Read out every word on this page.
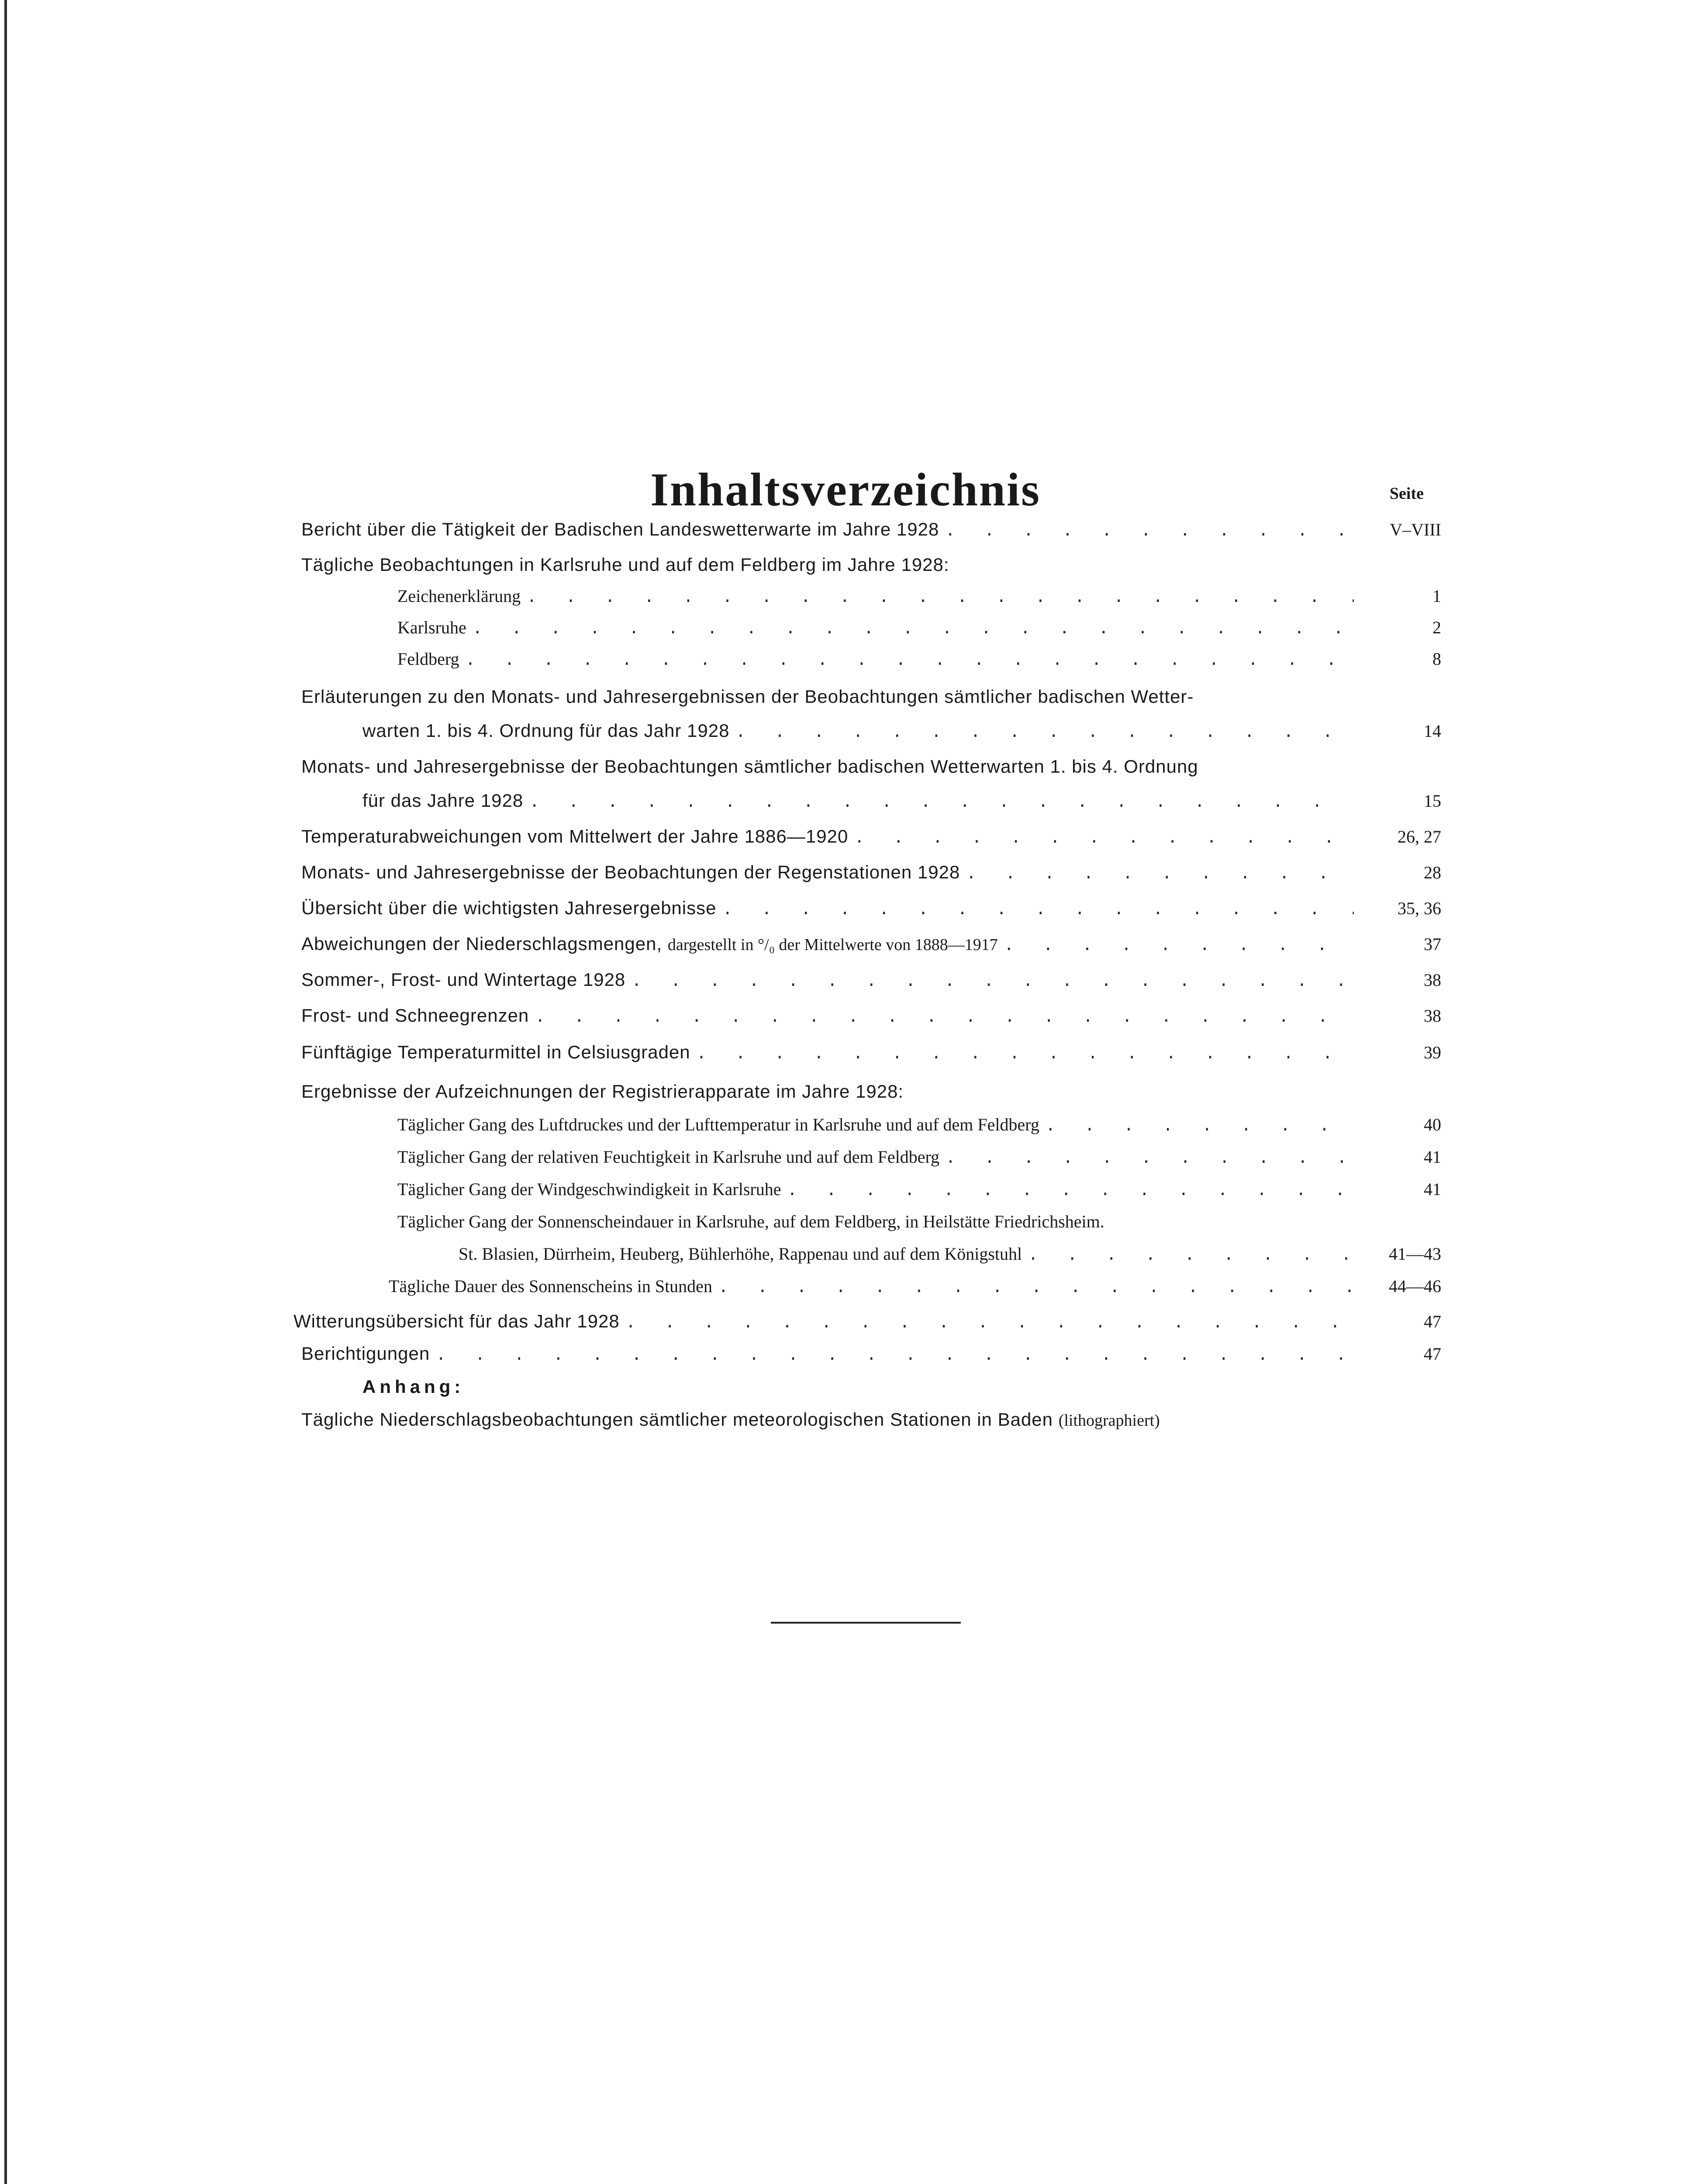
Inhaltsverzeichnis	Seite
Bericht über die Tätigkeit der Badischen Landeswetterwarte im Jahre 1928 . . .	V–VIII
Tägliche Beobachtungen in Karlsruhe und auf dem Feldberg im Jahre 1928:
Zeichenerklärung . . .	1
Karlsruhe . . .	2
Feldberg . . .	8
Erläuterungen zu den Monats- und Jahresergebnissen der Beobachtungen sämtlicher badischen Wetter-
warten 1. bis 4. Ordnung für das Jahr 1928 . . .	14
Monats- und Jahresergebnisse der Beobachtungen sämtlicher badischen Wetterwarten 1. bis 4. Ordnung
für das Jahre 1928 . . .	15
Temperaturabweichungen vom Mittelwert der Jahre 1886—1920 . . .	26, 27
Monats- und Jahresergebnisse der Beobachtungen der Regenstationen 1928 . . .	28
Übersicht über die wichtigsten Jahresergebnisse . . .	35, 36
Abweichungen der Niederschlagsmengen, dargestellt in °/₀ der Mittelwerte von 1888—1917 . . .	37
Sommer-, Frost- und Wintertage 1928 . . .	38
Frost- und Schneegrenzen . . .	38
Fünftägige Temperaturmittel in Celsiusgraden . . .	39
Ergebnisse der Aufzeichnungen der Registrierapparate im Jahre 1928:
Täglicher Gang des Luftdruckes und der Lufttemperatur in Karlsruhe und auf dem Feldberg . . .	40
Täglicher Gang der relativen Feuchtigkeit in Karlsruhe und auf dem Feldberg . . .	41
Täglicher Gang der Windgeschwindigkeit in Karlsruhe . . .	41
Täglicher Gang der Sonnenscheindauer in Karlsruhe, auf dem Feldberg, in Heilstätte Friedrichsheim.
St. Blasien, Dürrheim, Heuberg, Bühlerhöhe, Rappenau und auf dem Königstuhl . . .	41—43
Tägliche Dauer des Sonnenscheins in Stunden . . .	44—46
Witterungsübersicht für das Jahr 1928 . . .	47
Berichtigungen . . .	47
Anhang:
Tägliche Niederschlagsbeobachtungen sämtlicher meteorologischen Stationen in Baden (lithographiert)
